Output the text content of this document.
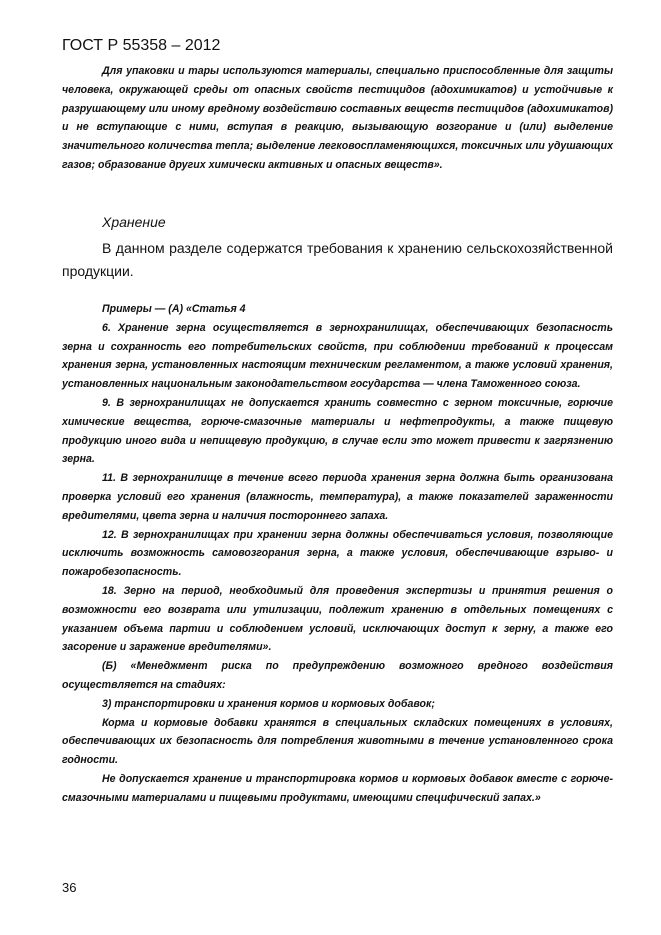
ГОСТ Р 55358 – 2012

Для упаковки и тары используются материалы, специально приспособленные для защиты человека, окружающей среды от опасных свойств пестицидов (адохимикатов) и устойчивые к разрушающему или иному вредному воздействию составных веществ пестицидов (адохимикатов) и не вступающие с ними, вступая в реакцию, вызывающую возгорание и (или) выделение значительного количества тепла; выделение легковоспламеняющихся, токсичных или удушающих газов; образование других химически активных и опасных веществ».

Хранение

В данном разделе содержатся требования к хранению сельскохозяйственной продукции.

Примеры — (А) «Статья 4

6. Хранение зерна осуществляется в зернохранилищах, обеспечивающих безопасность зерна и сохранность его потребительских свойств, при соблюдении требований к процессам хранения зерна, установленных настоящим техническим регламентом, а также условий хранения, установленных национальным законодательством государства — члена Таможенного союза.

9. В зернохранилищах не допускается хранить совместно с зерном токсичные, горючие химические вещества, горюче-смазочные материалы и нефтепродукты, а также пищевую продукцию иного вида и непищевую продукцию, в случае если это может привести к загрязнению зерна.

11. В зернохранилище в течение всего периода хранения зерна должна быть организована проверка условий его хранения (влажность, температура), а также показателей зараженности вредителями, цвета зерна и наличия постороннего запаха.

12. В зернохранилищах при хранении зерна должны обеспечиваться условия, позволяющие исключить возможность самовозгорания зерна, а также условия, обеспечивающие взрыво- и пожаробезопасность.

18. Зерно на период, необходимый для проведения экспертизы и принятия решения о возможности его возврата или утилизации, подлежит хранению в отдельных помещениях с указанием объема партии и соблюдением условий, исключающих доступ к зерну, а также его засорение и заражение вредителями».

(Б) «Менеджмент риска по предупреждению возможного вредного воздействия осуществляется на стадиях:

3) транспортировки и хранения кормов и кормовых добавок;

Корма и кормовые добавки хранятся в специальных складских помещениях в условиях, обеспечивающих их безопасность для потребления животными в течение установленного срока годности.

Не допускается хранение и транспортировка кормов и кормовых добавок вместе с горюче-смазочными материалами и пищевыми продуктами, имеющими специфический запах.»

36
